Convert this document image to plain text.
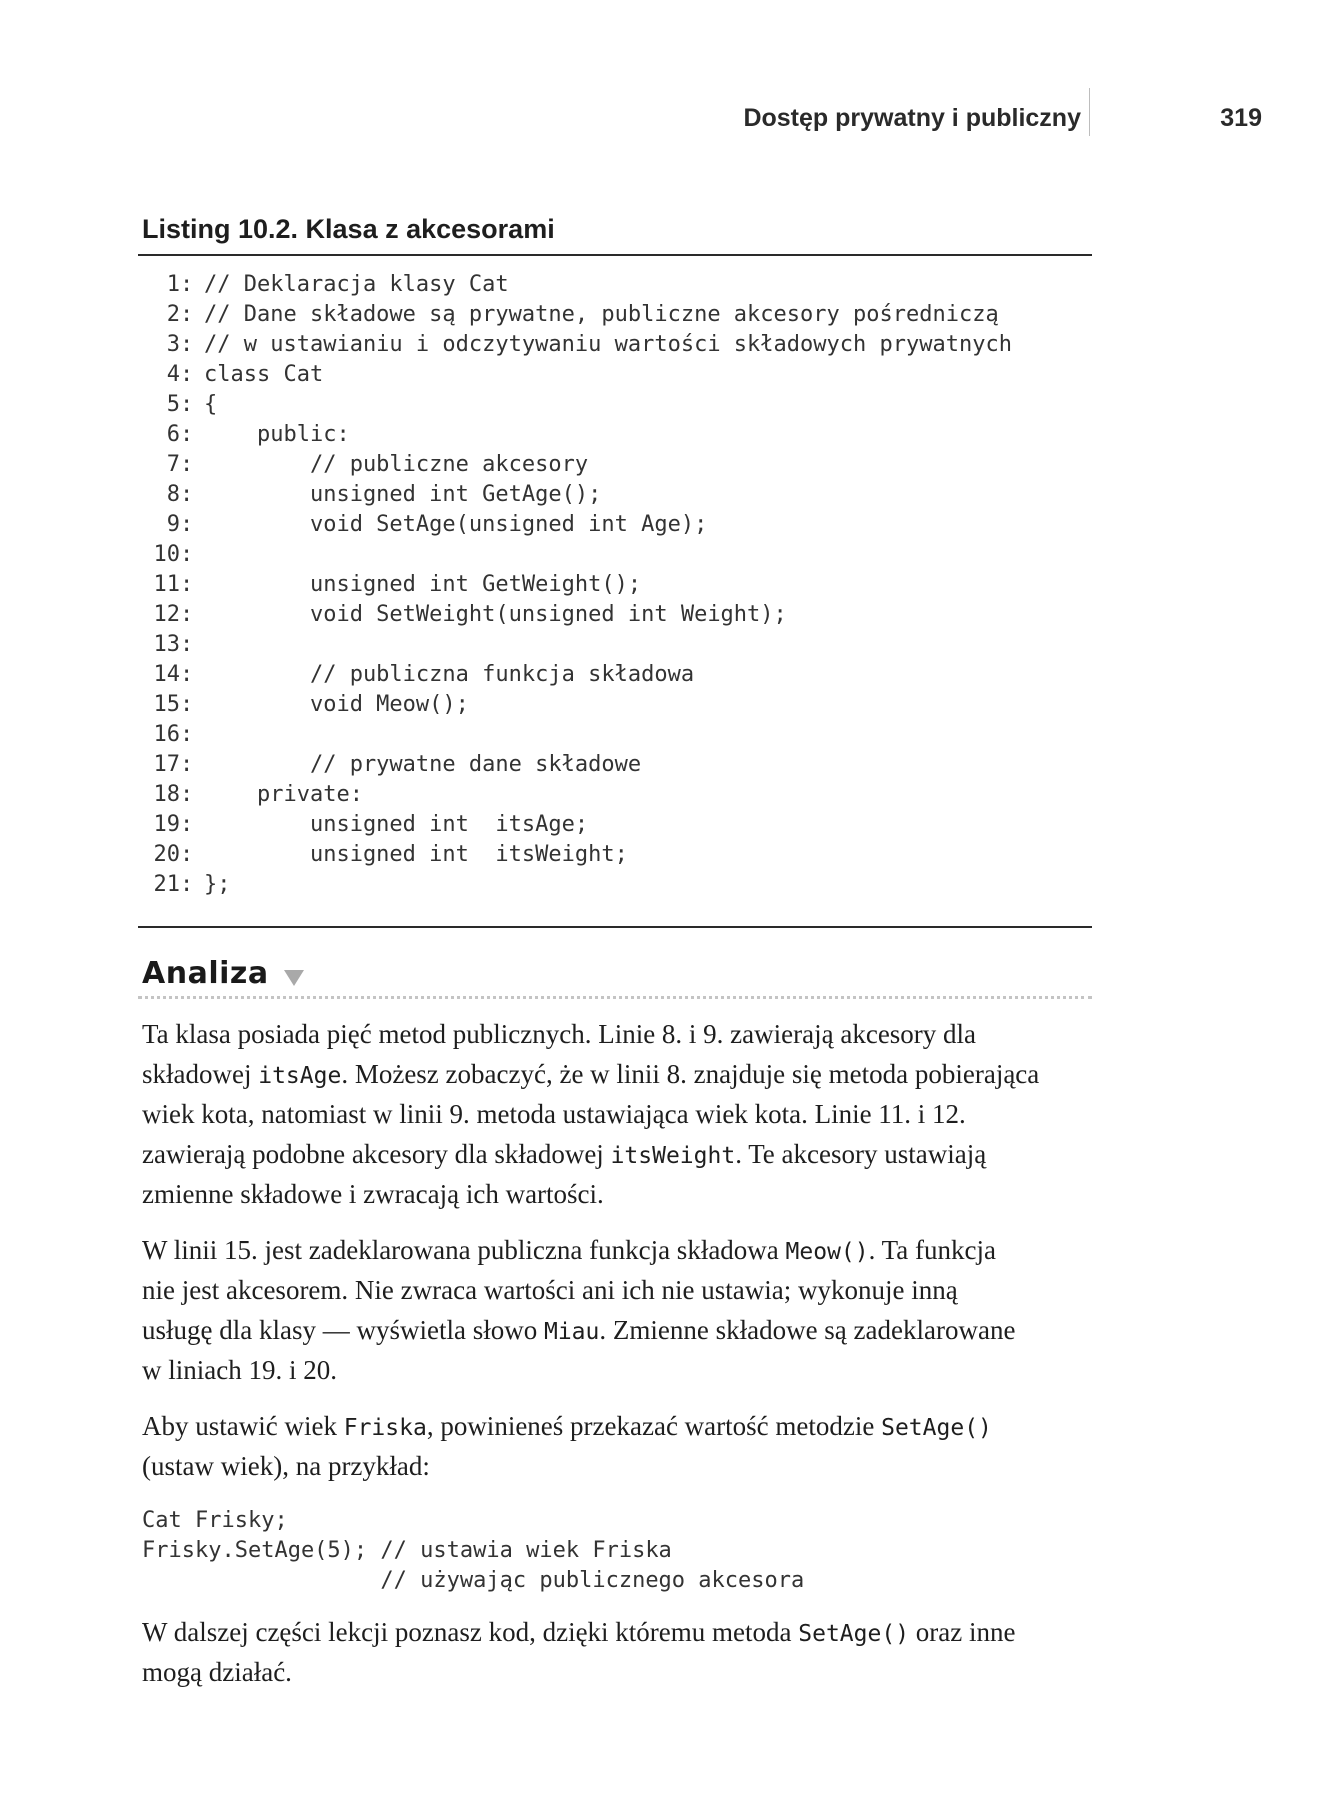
Dostęp prywatny i publiczny	319
Listing 10.2. Klasa z akcesorami
1 : // Deklaracja klasy Cat
2 : // Dane składowe są prywatne, publiczne akcesory pośredniczą
3 : // w ustawianiu i odczytywaniu wartości składowych prywatnych
4 : class Cat
5 : {
6 : public:
7 : // publiczne akcesory
8 : unsigned int GetAge();
9 : void SetAge(unsigned int Age);
10 :
11 : unsigned int GetWeight();
12 : void SetWeight(unsigned int Weight);
13 :
14 : // publiczna funkcja składowa
15 : void Meow();
16 :
17 : // prywatne dane składowe
18 : private:
19 : unsigned int  itsAge;
20 : unsigned int  itsWeight;
21 : };
Analiza
Ta klasa posiada pięć metod publicznych. Linie 8. i 9. zawierają akcesory dla
składowej itsAge. Możesz zobaczyć, że w linii 8. znajduje się metoda pobierająca
wiek kota, natomiast w linii 9. metoda ustawiająca wiek kota. Linie 11. i 12.
zawierają podobne akcesory dla składowej itsWeight. Te akcesory ustawiają
zmienne składowe i zwracają ich wartości.
W linii 15. jest zadeklarowana publiczna funkcja składowa Meow(). Ta funkcja
nie jest akcesorem. Nie zwraca wartości ani ich nie ustawia; wykonuje inną
usługę dla klasy — wyświetla słowo Miau. Zmienne składowe są zadeklarowane
w liniach 19. i 20.
Aby ustawić wiek Friska, powinieneś przekazać wartość metodzie SetAge()
(ustaw wiek), na przykład:
Cat Frisky;
Frisky.SetAge(5); // ustawia wiek Friska
// używając publicznego akcesora
W dalszej części lekcji poznasz kod, dzięki któremu metoda SetAge() oraz inne
mogą działać.
